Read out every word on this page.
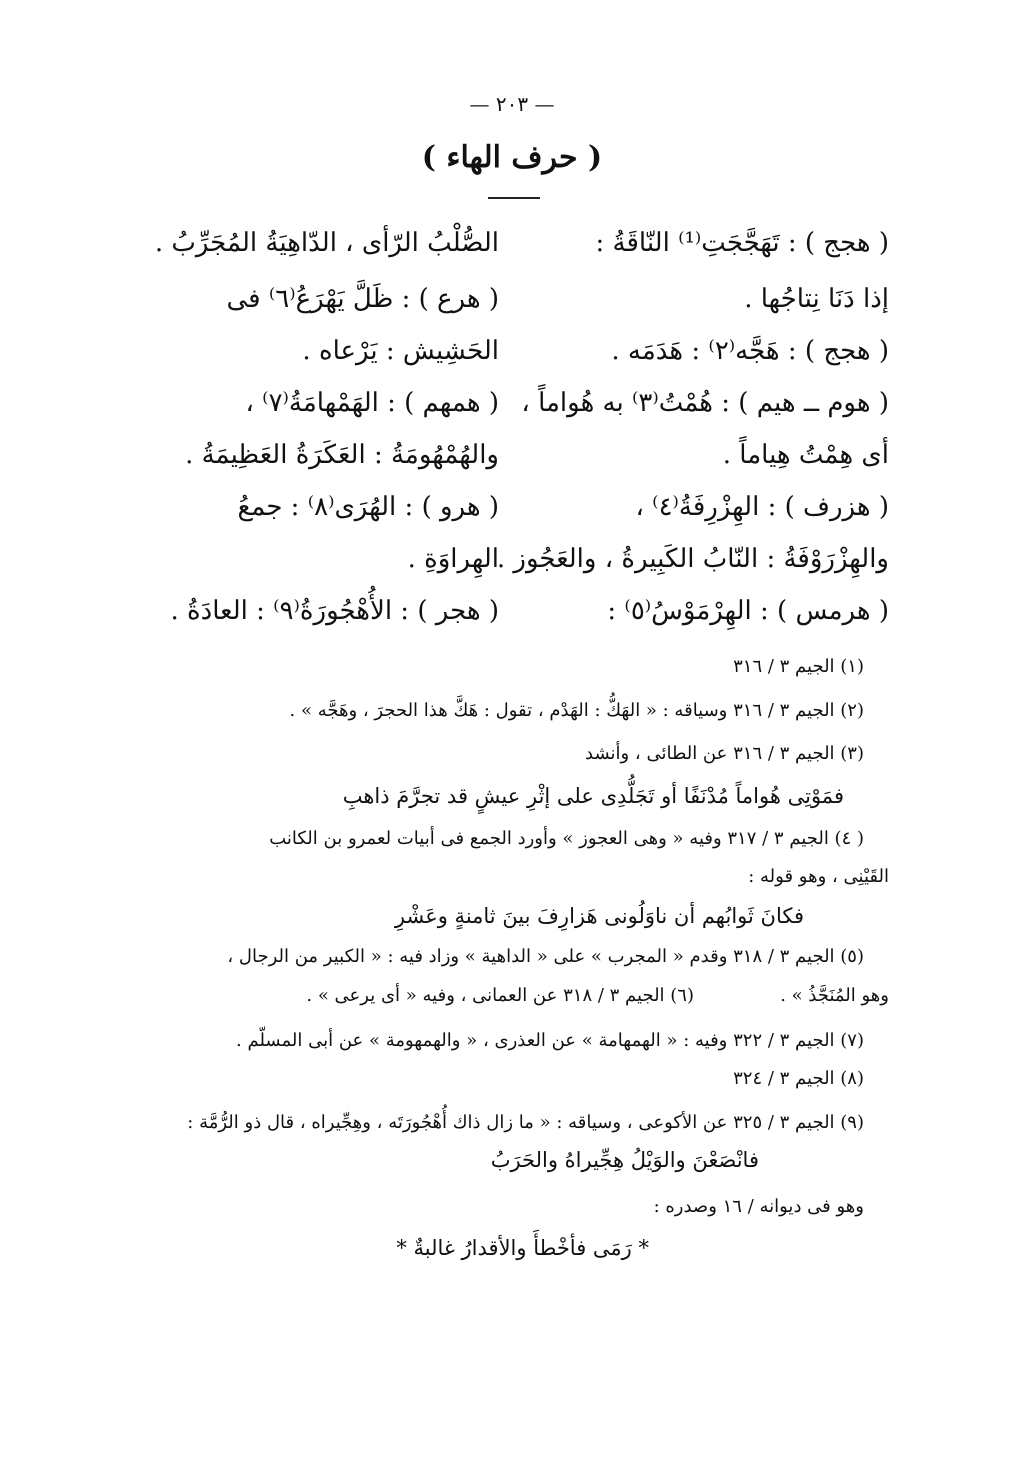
— ٢٠٣ —
( حرف الهاء )
( هجج ) : تَهَجَّجَتِ⁽¹⁾ النّاقَةُ :
الصُّلْبُ الرّأى ، الدّاهِيَةُ المُجَرِّبُ .
إذا دَنَا نِتاجُها .
( هرع ) : ظَلَّ يَهْرَعُ⁽٦⁾ فى
( هجج ) : هَجَّه⁽٢⁾ : هَدَمَه .
الحَشِيش : يَرْعاه .
( هوم ــ هيم ) : هُمْتُ⁽٣⁾ به هُواماً ،
( همهم ) : الهَمْهامَةُ⁽٧⁾ ،
أى هِمْتُ هِياماً .
والهُمْهُومَةُ : العَكَرَةُ العَظِيمَةُ .
( هزرف ) : الهِزْرِفَةُ⁽٤⁾ ،
( هرو ) : الهُرَى⁽٨⁾ : جمعُ
والهِزْرَوْفَةُ : النّابُ الكَبِيرةُ ، والعَجُوز .
الهِراوَةِ .
( هرمس ) : الهِرْمَوْسُ⁽٥⁾ :
( هجر ) : الأُهْجُورَةُ⁽٩⁾ : العادَةُ .
(١) الجيم ٣ / ٣١٦
(٢) الجيم ٣ / ٣١٦ وسياقه : « الهَكُّ : الهَدْم ، تقول : هَكَّ هذا الحجرَ ، وهَجَّه » .
(٣) الجيم ٣ / ٣١٦ عن الطائى ، وأنشد
فمَوْتِى هُواماً مُدْنَفًا أو تَجَلُّدِى على إثْرِ عيشٍ قد تجرَّمَ ذاهبِ
( ٤) الجيم ٣ / ٣١٧ وفيه « وهى العجوز » وأورد الجمع فى أبيات لعمرو بن الكانب
القَيْنِى ، وهو قوله :
فكانَ ثَوابُهم أن ناوَلُونى هَزارِفَ بينَ ثامنةٍ وعَشْرِ
(٥) الجيم ٣ / ٣١٨ وقدم « المجرب » على « الداهية » وزاد فيه : « الكبير من الرجال ،
وهو المُنَجَّذُ » .
(٦) الجيم ٣ / ٣١٨ عن العمانى ، وفيه « أى يرعى » .
(٧) الجيم ٣ / ٣٢٢ وفيه : « الهمهامة » عن العذرى ، « والهمهومة » عن أبى المسلّم .
(٨) الجيم ٣ / ٣٢٤
(٩) الجيم ٣ / ٣٢٥ عن الأكوعى ، وسياقه : « ما زال ذاك أُهْجُورَتَه ، وهِجِّيراه ، قال ذو الرُّمَّة :
فانْصَعْنَ والوَيْلُ هِجِّيراهُ والحَرَبُ
وهو فى ديوانه / ١٦ وصدره :
* رَمَى فأخْطأَ والأقدارُ غالبةٌ *
